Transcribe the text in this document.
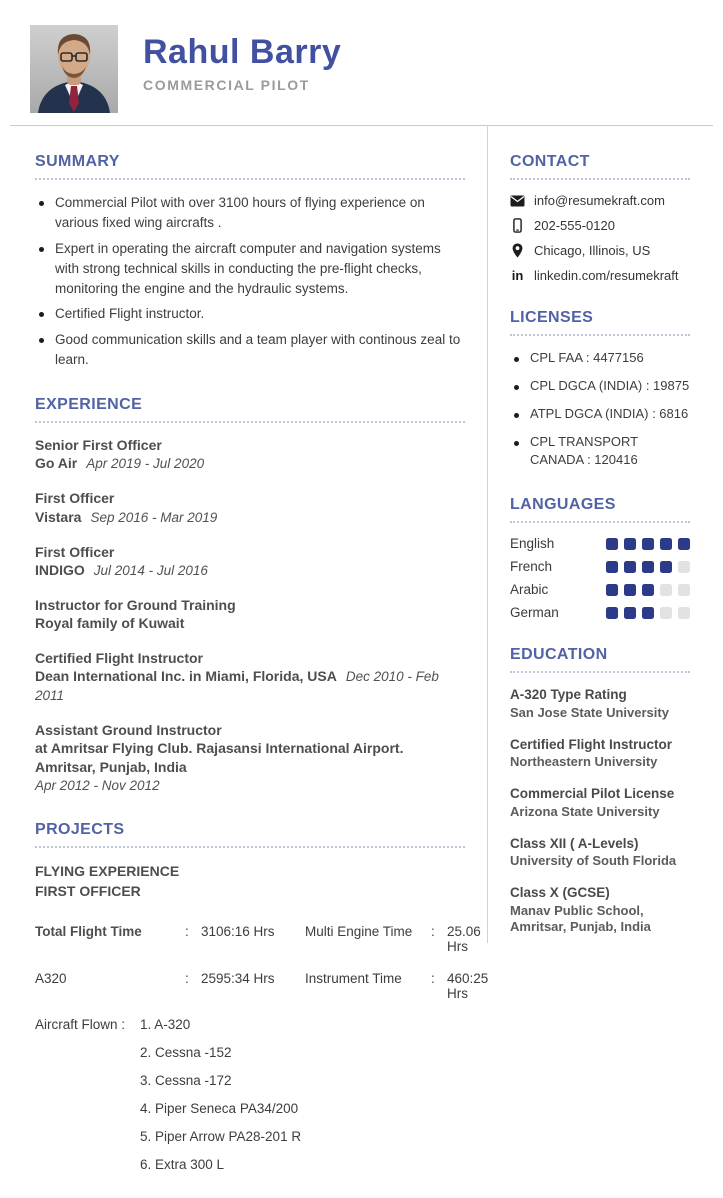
Rahul Barry
COMMERCIAL PILOT
SUMMARY
Commercial Pilot with over 3100 hours of flying experience on various fixed wing aircrafts .
Expert in operating the aircraft computer and navigation systems with strong technical skills in conducting the pre-flight checks, monitoring the engine and the hydraulic systems.
Certified Flight instructor.
Good communication skills and a team player with continous zeal to learn.
EXPERIENCE
Senior First Officer
Go Air Apr 2019 - Jul 2020
First Officer
Vistara Sep 2016 - Mar 2019
First Officer
INDIGO Jul 2014 - Jul 2016
Instructor for Ground Training
Royal family of Kuwait
Certified Flight Instructor
Dean International Inc. in Miami, Florida, USA Dec 2010 - Feb 2011
Assistant Ground Instructor
at Amritsar Flying Club. Rajasansi International Airport. Amritsar, Punjab, India
Apr 2012 - Nov 2012
PROJECTS
FLYING EXPERIENCE
FIRST OFFICER
Total Flight Time	: 3106:16 Hrs	Multi Engine Time	: 25.06 Hrs
A320	: 2595:34 Hrs	Instrument Time	: 460:25 Hrs
Aircraft Flown :	1. A-320
2. Cessna -152
3. Cessna -172
4. Piper Seneca PA34/200
5. Piper Arrow PA28-201 R
6. Extra 300 L
CONTACT
info@resumekraft.com
202-555-0120
Chicago, Illinois, US
in linkedin.com/resumekraft
LICENSES
CPL FAA : 4477156
CPL DGCA (INDIA) : 19875
ATPL DGCA (INDIA) : 6816
CPL TRANSPORT CANADA : 120416
LANGUAGES
English
French
Arabic
German
EDUCATION
A-320 Type Rating
San Jose State University
Certified Flight Instructor
Northeastern University
Commercial Pilot License
Arizona State University
Class XII ( A-Levels)
University of South Florida
Class X (GCSE)
Manav Public School, Amritsar, Punjab, India
